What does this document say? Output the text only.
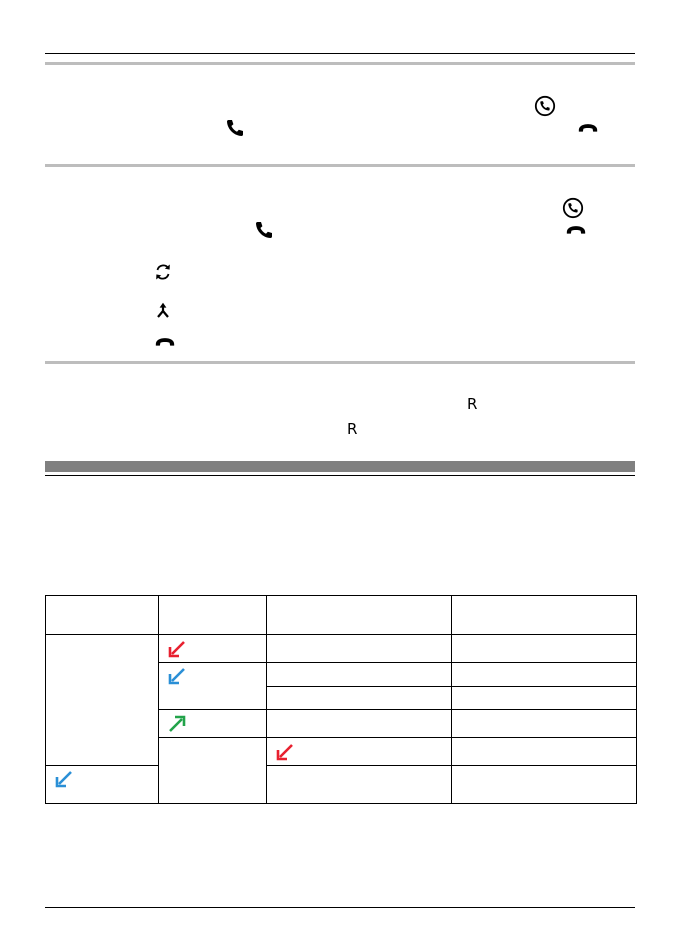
R
R
